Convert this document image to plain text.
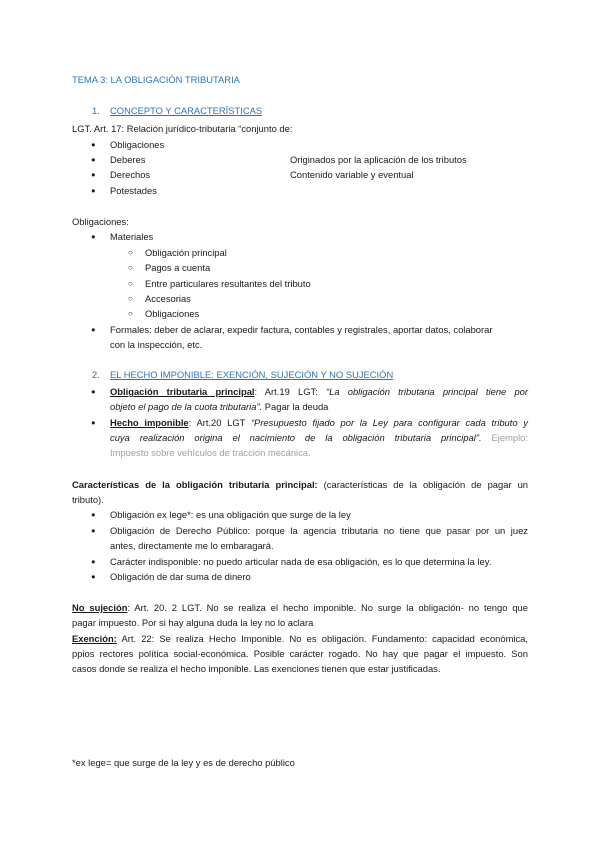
TEMA 3: LA OBLIGACIÓN TRIBUTARIA
1. CONCEPTO Y CARACTERÍSTICAS
LGT. Art. 17: Relación jurídico-tributaria “conjunto de:
● Obligaciones
● Deberes	Originados por la aplicación de los tributos
● Derechos	Contenido variable y eventual
● Potestades
Obligaciones:
● Materiales
○ Obligación principal
○ Pagos a cuenta
○ Entre particulares resultantes del tributo
○ Accesorias
○ Obligaciones
● Formales: deber de aclarar, expedir factura, contables y registrales, aportar datos, colaborar
con la inspección, etc.
2. EL HECHO IMPONIBLE: EXENCIÓN, SUJECIÓN Y NO SUJECIÓN
● Obligación tributaria principal: Art.19 LGT: “La obligación tributaria principal tiene por
objeto el pago de la cuota tributaria”. Pagar la deuda
● Hecho imponible: Art.20 LGT “Presupuesto fijado por la Ley para configurar cada tributo y
cuya realización origina el nacimiento de la obligación tributaria principal”. Ejemplo:
Impuesto sobre vehículos de tracción mecánica.
Características de la obligación tributaria principal: (características de la obligación de pagar un
tributo).
● Obligación ex lege*: es una obligación que surge de la ley
● Obligación de Derecho Público: porque la agencia tributaria no tiene que pasar por un juez
antes, directamente me lo embaragará.
● Carácter indisponible: no puedo articular nada de esa obligación, es lo que determina la ley.
● Obligación de dar suma de dinero
No sujeción: Art. 20. 2 LGT. No se realiza el hecho imponible. No surge la obligación- no tengo que
pagar impuesto. Por si hay alguna duda la ley no lo aclara
Exención: Art. 22: Se realiza Hecho Imponible. No es obligación. Fundamento: capacidad económica,
ppios rectores política social-económica. Posible carácter rogado. No hay que pagar el impuesto. Son
casos donde se realiza el hecho imponible. Las exenciones tienen que estar justificadas.
*ex lege= que surge de la ley y es de derecho público
